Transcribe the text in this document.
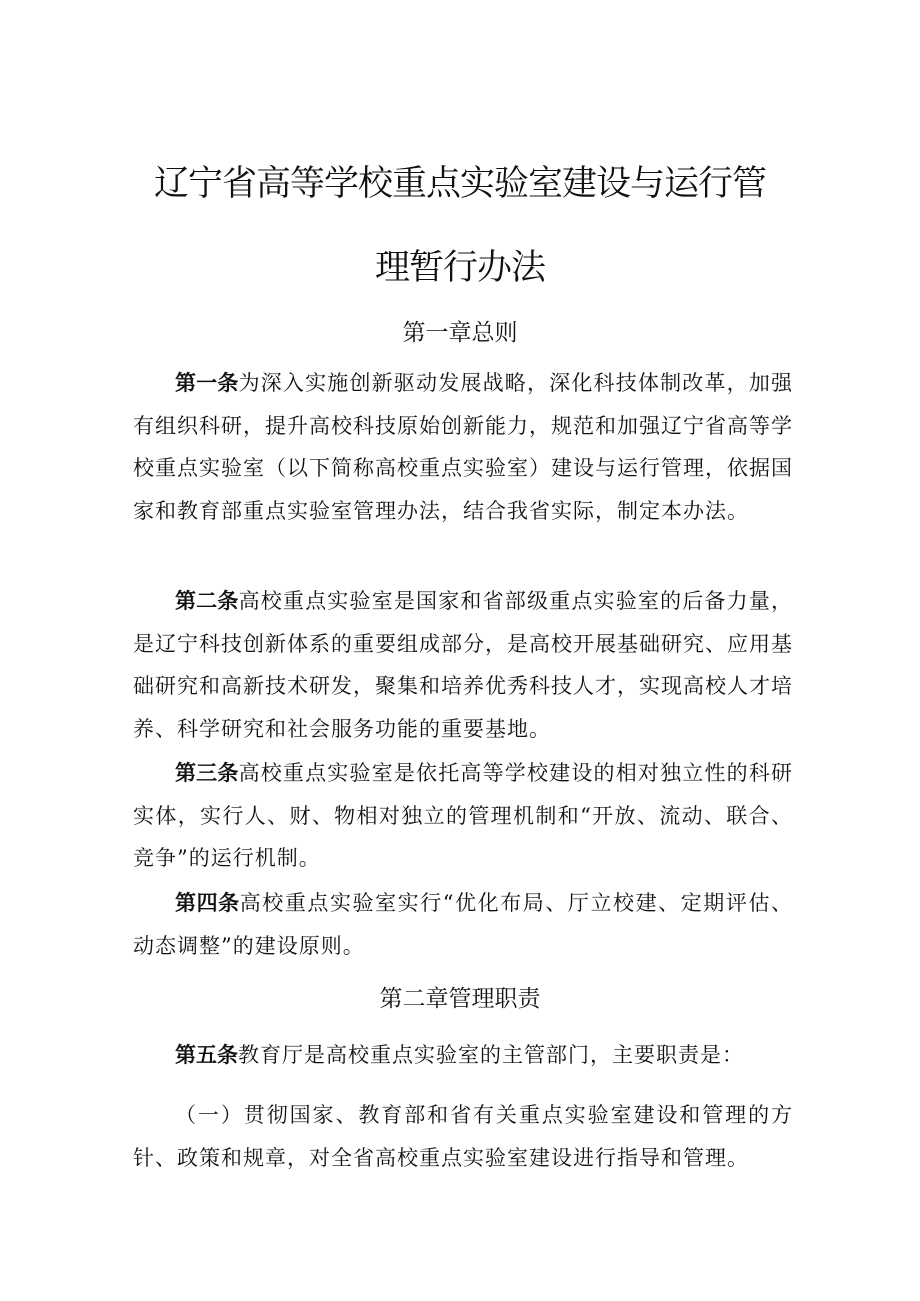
辽宁省高等学校重点实验室建设与运行管
理暂行办法
第一章总则

第一条为深入实施创新驱动发展战略，深化科技体制改革，加强有组织科研，提升高校科技原始创新能力，规范和加强辽宁省高等学校重点实验室（以下简称高校重点实验室）建设与运行管理，依据国家和教育部重点实验室管理办法，结合我省实际，制定本办法。

第二条高校重点实验室是国家和省部级重点实验室的后备力量，是辽宁科技创新体系的重要组成部分，是高校开展基础研究、应用基础研究和高新技术研发，聚集和培养优秀科技人才，实现高校人才培养、科学研究和社会服务功能的重要基地。

第三条高校重点实验室是依托高等学校建设的相对独立性的科研实体，实行人、财、物相对独立的管理机制和“开放、流动、联合、竞争”的运行机制。

第四条高校重点实验室实行“优化布局、厅立校建、定期评估、动态调整”的建设原则。

第二章管理职责

第五条教育厅是高校重点实验室的主管部门，主要职责是：

（一）贯彻国家、教育部和省有关重点实验室建设和管理的方针、政策和规章，对全省高校重点实验室建设进行指导和管理。
